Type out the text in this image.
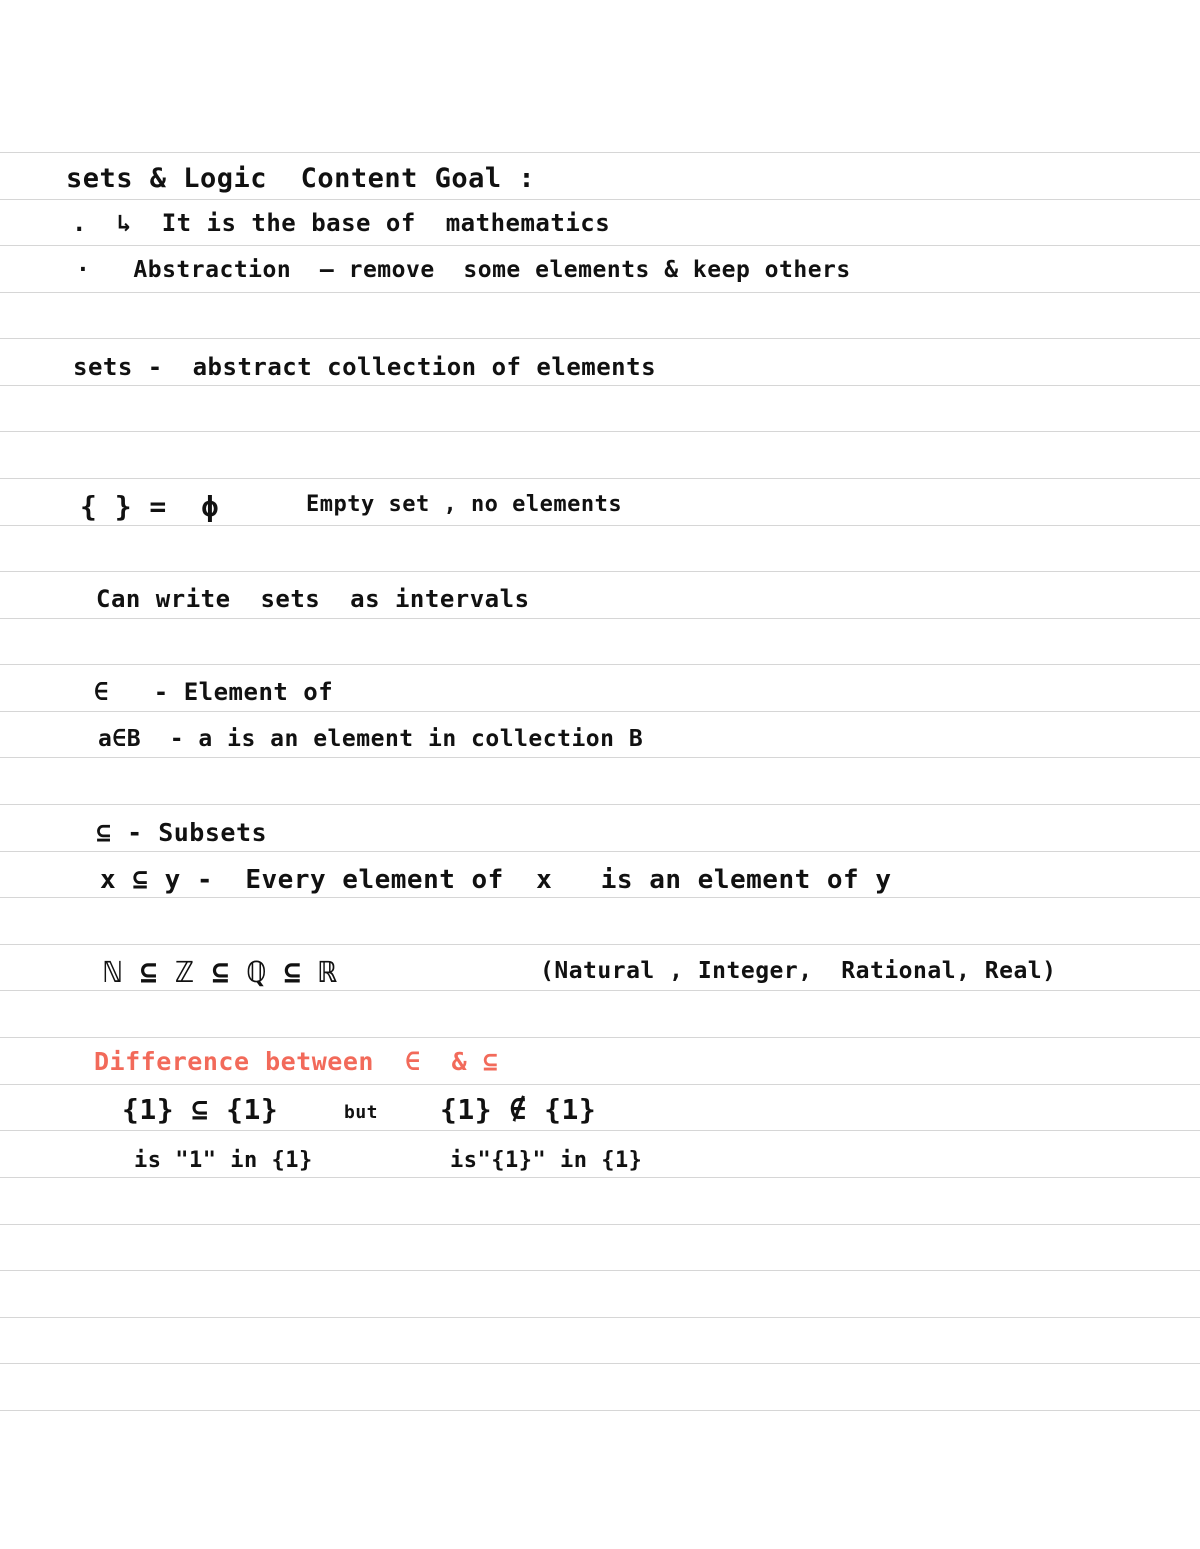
sets & Logic  Content Goal :
.  ↳  It is the base of  mathematics
·   Abstraction  – remove  some elements & keep others
sets -  abstract collection of elements
{ } =  ϕ	Empty set , no elements
Can write  sets  as intervals
∈   - Element of
a∈B  - a is an element in collection B
⊆ - Subsets
x ⊆ y -  Every element of  x   is an element of y
ℕ ⊆ ℤ ⊆ ℚ ⊆ ℝ	(Natural , Integer,  Rational, Real)
Difference between  ∈  & ⊆
{1} ⊆ {1}	but {1} ∉ {1}
is "1" in {1}	is"{1}" in {1}
